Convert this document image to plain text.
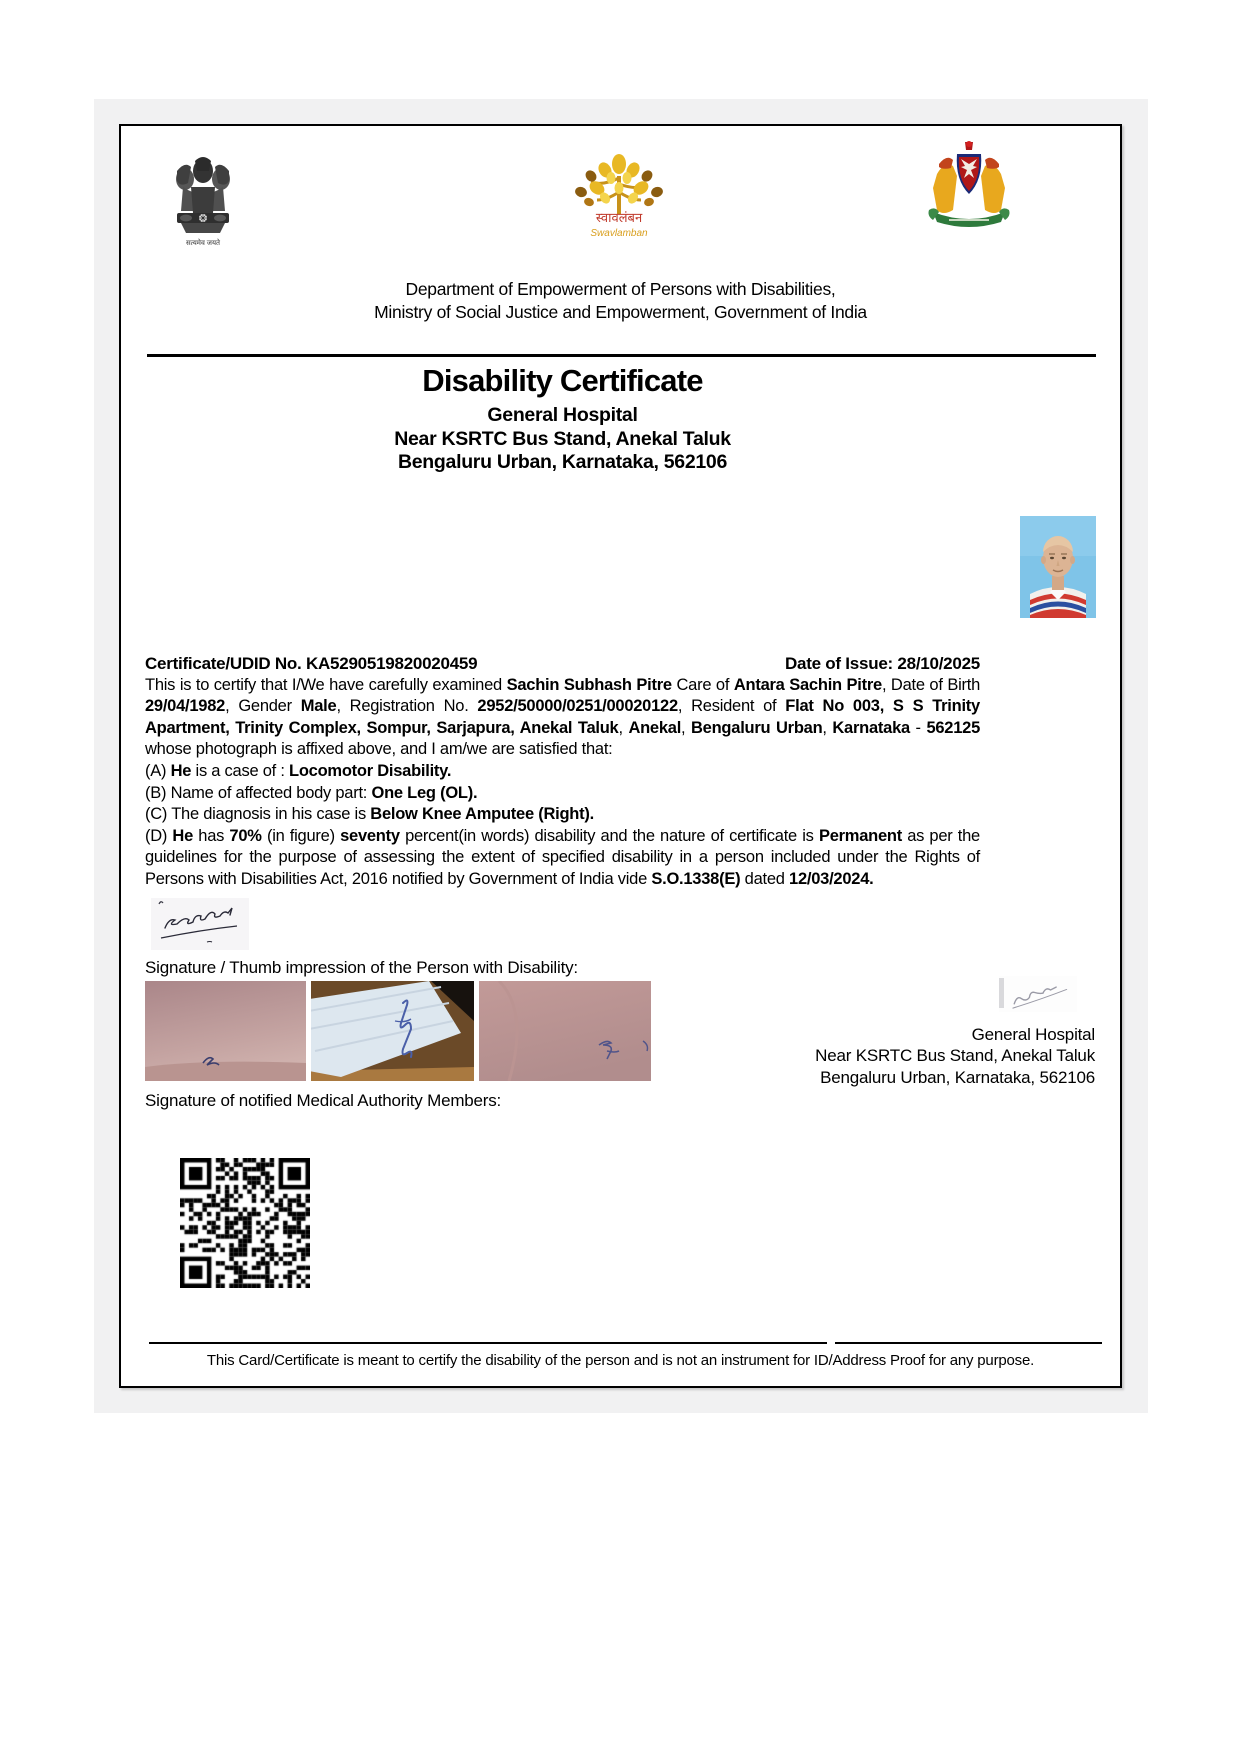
सत्यमेव जयते
स्वावलंबन
Swavlamban
Department of Empowerment of Persons with Disabilities,
Ministry of Social Justice and Empowerment, Government of India
Disability Certificate
General Hospital
Near KSRTC Bus Stand, Anekal Taluk
Bengaluru Urban, Karnataka, 562106
Certificate/UDID No. KA5290519820020459	Date of Issue: 28/10/2025
This is to certify that I/We have carefully examined Sachin Subhash Pitre Care of Antara Sachin Pitre, Date of Birth 29/04/1982, Gender Male, Registration No. 2952/50000/0251/00020122, Resident of Flat No 003, S S Trinity Apartment, Trinity Complex, Sompur, Sarjapura, Anekal Taluk, Anekal, Bengaluru Urban, Karnataka - 562125 whose photograph is affixed above, and I am/we are satisfied that:
(A) He is a case of : Locomotor Disability.
(B) Name of affected body part: One Leg (OL).
(C) The diagnosis in his case is Below Knee Amputee (Right).
(D) He has 70% (in figure) seventy percent(in words) disability and the nature of certificate is Permanent as per the guidelines for the purpose of assessing the extent of specified disability in a person included under the Rights of Persons with Disabilities Act, 2016 notified by Government of India vide S.O.1338(E) dated 12/03/2024.
Signature / Thumb impression of the Person with Disability:
Signature of notified Medical Authority Members:
General Hospital
Near KSRTC Bus Stand, Anekal Taluk
Bengaluru Urban, Karnataka, 562106
This Card/Certificate is meant to certify the disability of the person and is not an instrument for ID/Address Proof for any purpose.
